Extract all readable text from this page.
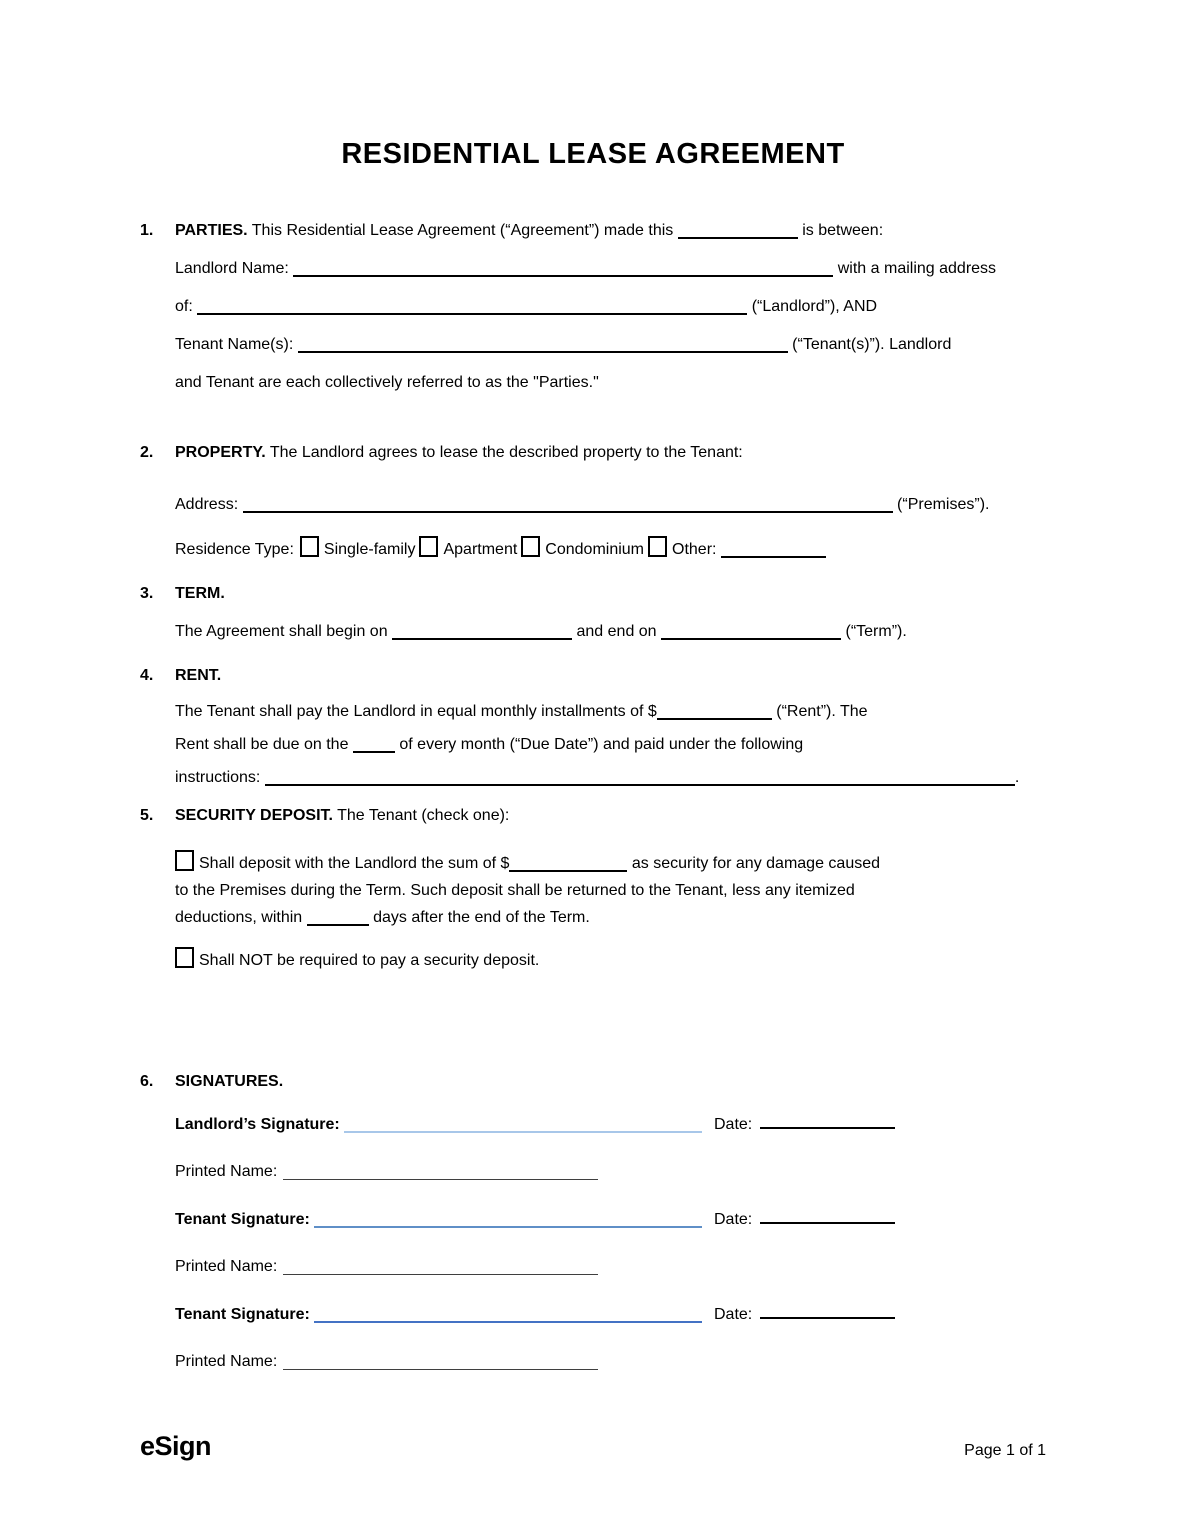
RESIDENTIAL LEASE AGREEMENT
1.	PARTIES. This Residential Lease Agreement (“Agreement”) made this	is between:
Landlord Name:	with a mailing address
of:	(“Landlord”), AND
Tenant Name(s):	(“Tenant(s)”). Landlord
and Tenant are each collectively referred to as the "Parties."
2.	PROPERTY. The Landlord agrees to lease the described property to the Tenant:
Address:	(“Premises”).
Residence Type: Single-family Apartment Condominium Other:
3.	TERM.
The Agreement shall begin on	and end on	(“Term”).
4.	RENT.
The Tenant shall pay the Landlord in equal monthly installments of $	(“Rent”). The
Rent shall be due on the	of every month (“Due Date”) and paid under the following
instructions:	.
5.	SECURITY DEPOSIT. The Tenant (check one):
Shall deposit with the Landlord the sum of $	as security for any damage caused
to the Premises during the Term. Such deposit shall be returned to the Tenant, less any itemized
deductions, within	days after the end of the Term.
Shall NOT be required to pay a security deposit.
6.	SIGNATURES.
Landlord’s Signature:	Date:
Printed Name:
Tenant Signature:	Date:
Printed Name:
Tenant Signature:	Date:
Printed Name:
eSign	Page 1 of 1
